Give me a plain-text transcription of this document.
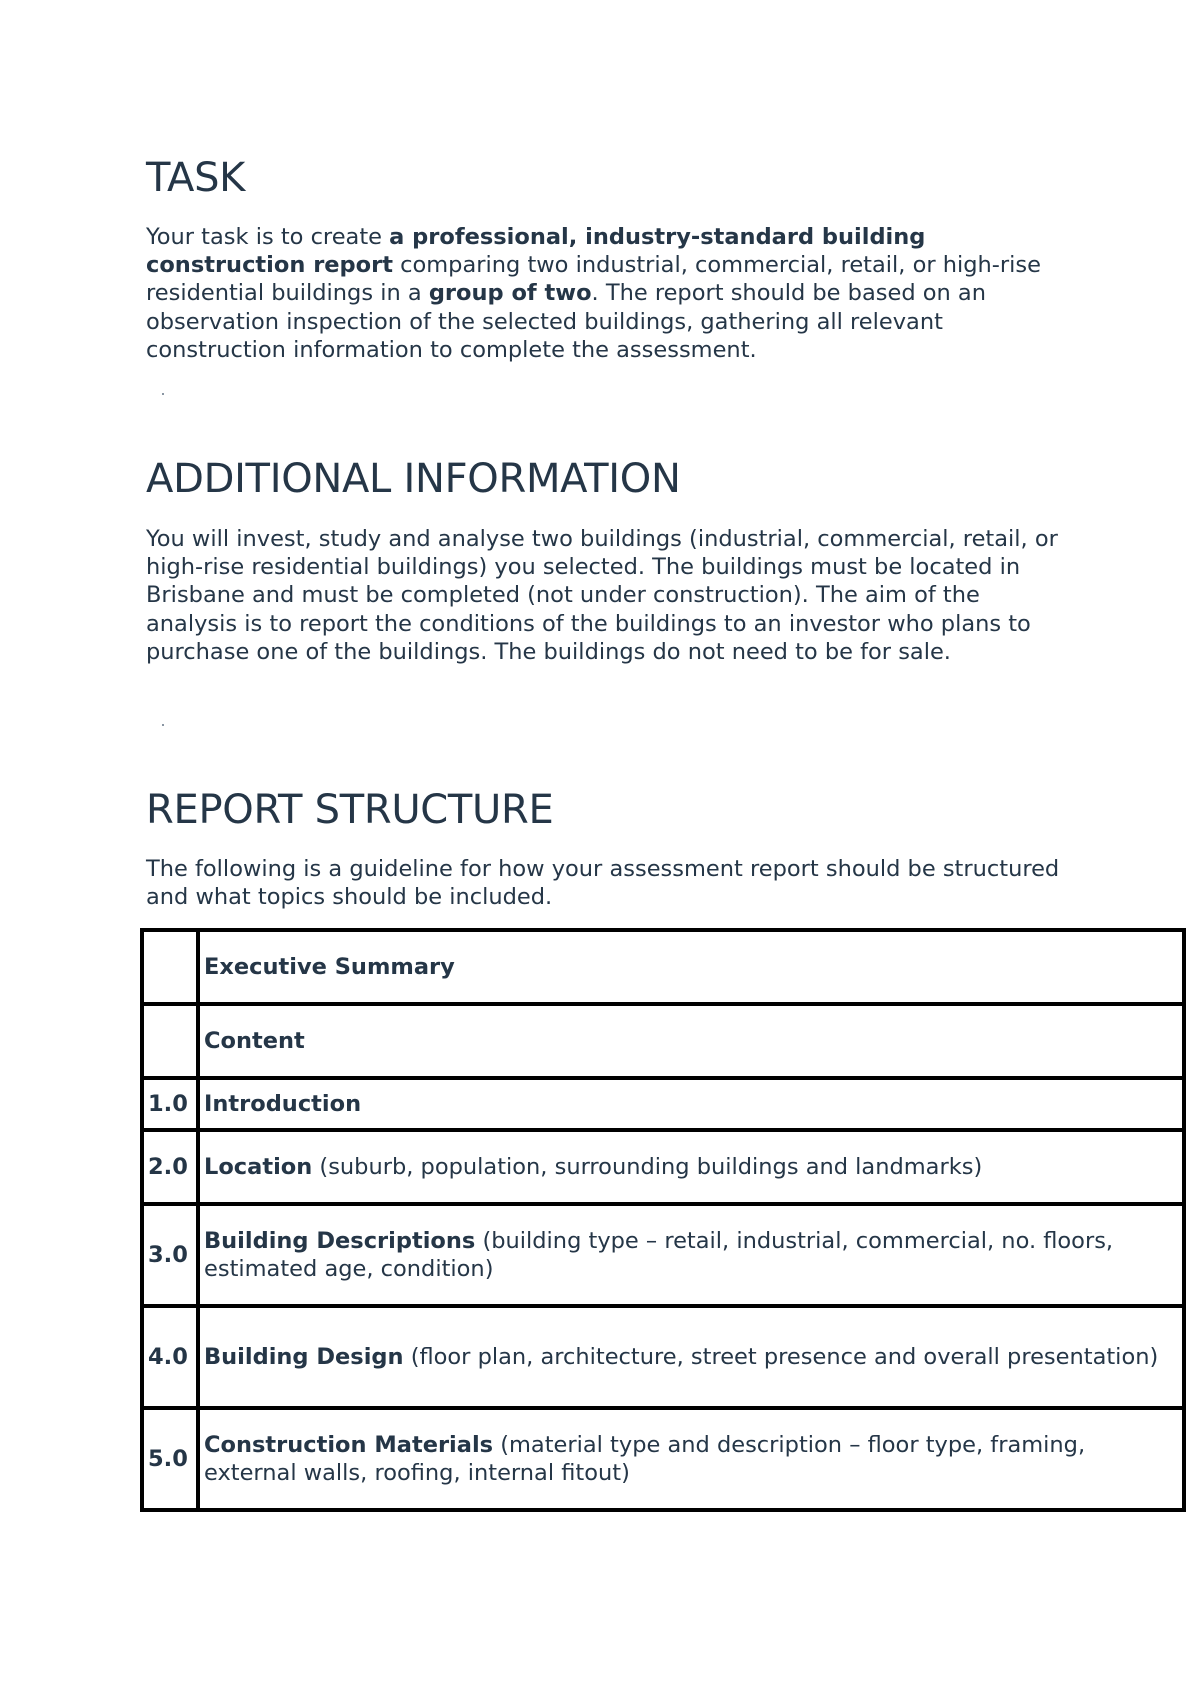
TASK

Your task is to create a professional, industry-standard building construction report comparing two industrial, commercial, retail, or high-rise residential buildings in a group of two. The report should be based on an observation inspection of the selected buildings, gathering all relevant construction information to complete the assessment.

ADDITIONAL INFORMATION

You will invest, study and analyse two buildings (industrial, commercial, retail, or high-rise residential buildings) you selected. The buildings must be located in Brisbane and must be completed (not under construction). The aim of the analysis is to report the conditions of the buildings to an investor who plans to purchase one of the buildings. The buildings do not need to be for sale.

REPORT STRUCTURE

The following is a guideline for how your assessment report should be structured and what topics should be included.

	Executive Summary
	Content
1.0	Introduction
2.0	Location (suburb, population, surrounding buildings and landmarks)
3.0	Building Descriptions (building type – retail, industrial, commercial, no. floors, estimated age, condition)
4.0	Building Design (floor plan, architecture, street presence and overall presentation)
5.0	Construction Materials (material type and description – floor type, framing, external walls, roofing, internal fitout)
